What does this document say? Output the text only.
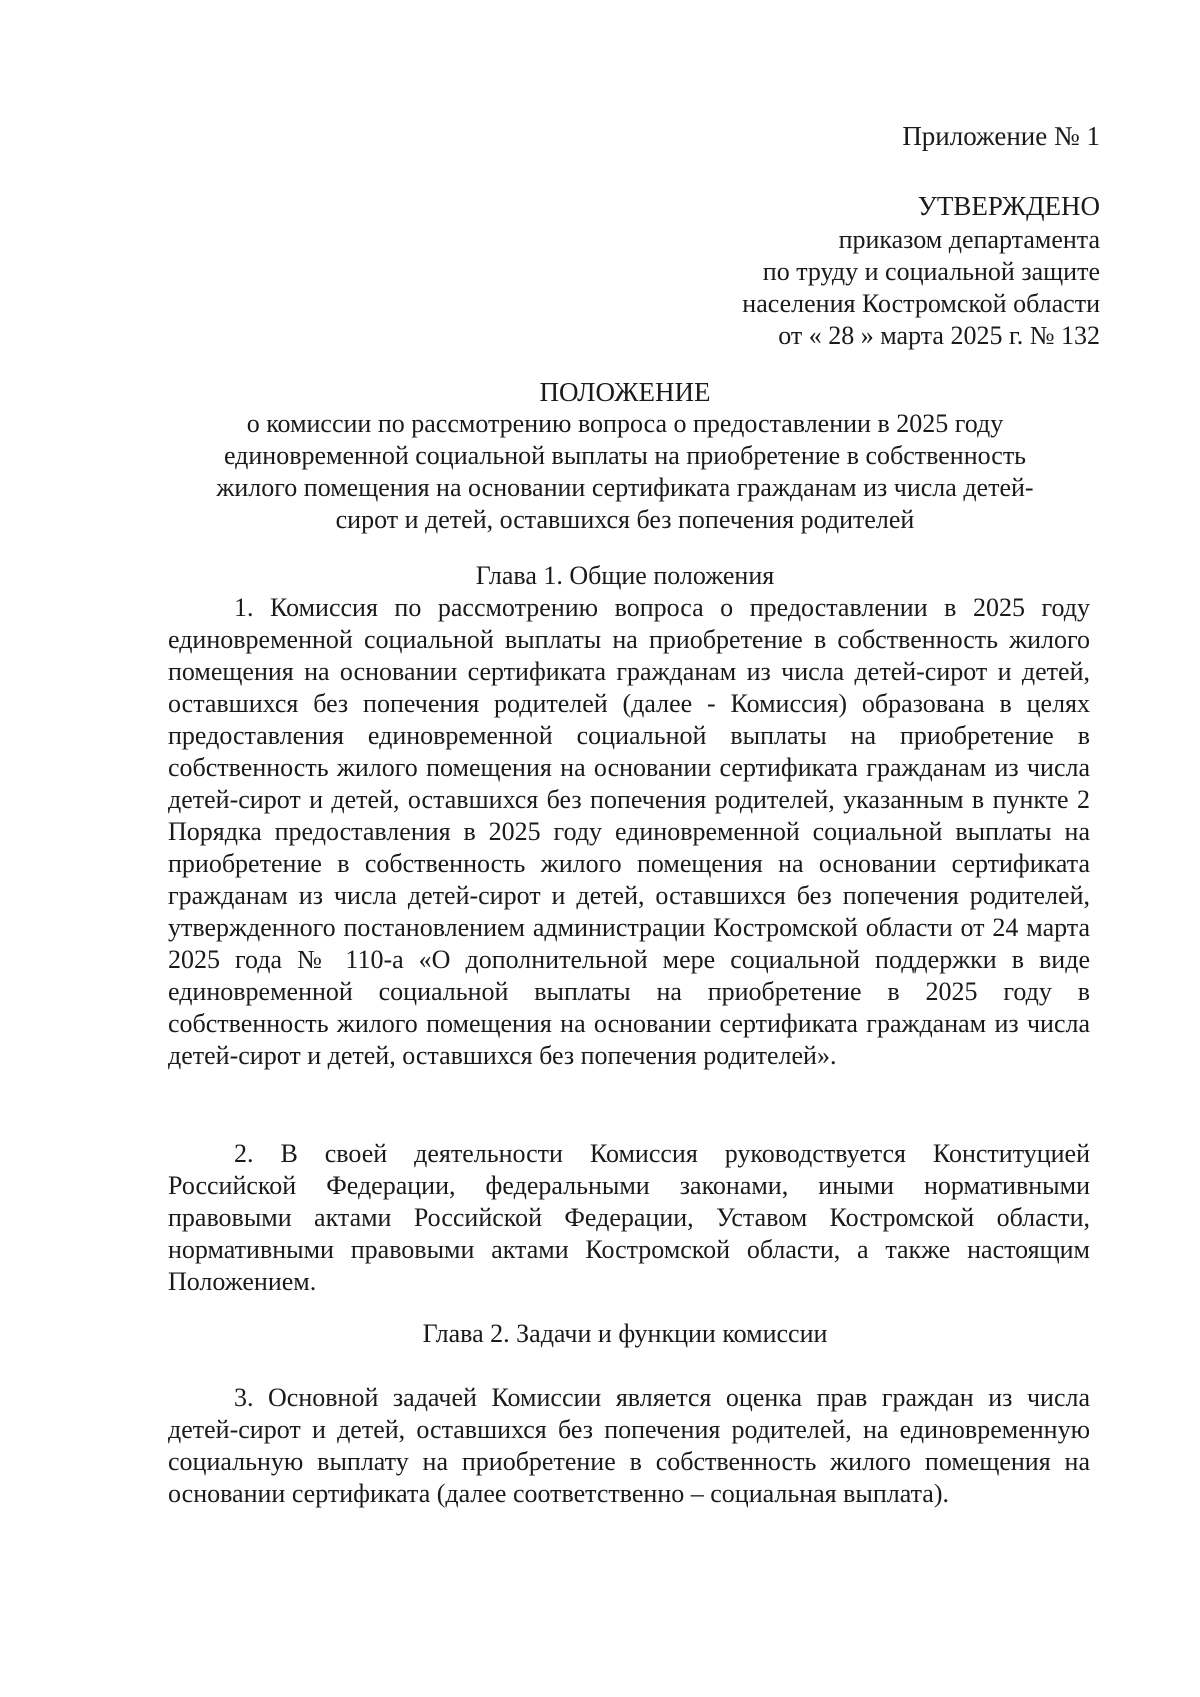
Приложение № 1
УТВЕРЖДЕНО
приказом департамента
по труду и социальной защите
населения Костромской области
от « 28 » марта 2025 г. № 132
ПОЛОЖЕНИЕ
о комиссии по рассмотрению вопроса о предоставлении в 2025 году
единовременной социальной выплаты на приобретение в собственность
жилого помещения на основании сертификата гражданам из числа детей-
сирот и детей, оставшихся без попечения родителей
Глава 1. Общие положения

1. Комиссия по рассмотрению вопроса о предоставлении в 2025 году единовременной социальной выплаты на приобретение в собственность жилого помещения на основании сертификата гражданам из числа детей-сирот и детей, оставшихся без попечения родителей (далее - Комиссия) образована в целях предоставления единовременной социальной выплаты на приобретение в собственность жилого помещения на основании сертификата гражданам из числа детей-сирот и детей, оставшихся без попечения родителей, указанным в пункте 2 Порядка предоставления в 2025 году единовременной социальной выплаты на приобретение в собственность жилого помещения на основании сертификата гражданам из числа детей-сирот и детей, оставшихся без попечения родителей, утвержденного постановлением администрации Костромской области от 24 марта 2025 года № 110-а «О дополнительной мере социальной поддержки в виде единовременной социальной выплаты на приобретение в 2025 году в собственность жилого помещения на основании сертификата гражданам из числа детей-сирот и детей, оставшихся без попечения родителей».

2. В своей деятельности Комиссия руководствуется Конституцией Российской Федерации, федеральными законами, иными нормативными правовыми актами Российской Федерации, Уставом Костромской области, нормативными правовыми актами Костромской области, а также настоящим Положением.

Глава 2. Задачи и функции комиссии

3. Основной задачей Комиссии является оценка прав граждан из числа детей-сирот и детей, оставшихся без попечения родителей, на единовременную социальную выплату на приобретение в собственность жилого помещения на основании сертификата (далее соответственно – социальная выплата).
